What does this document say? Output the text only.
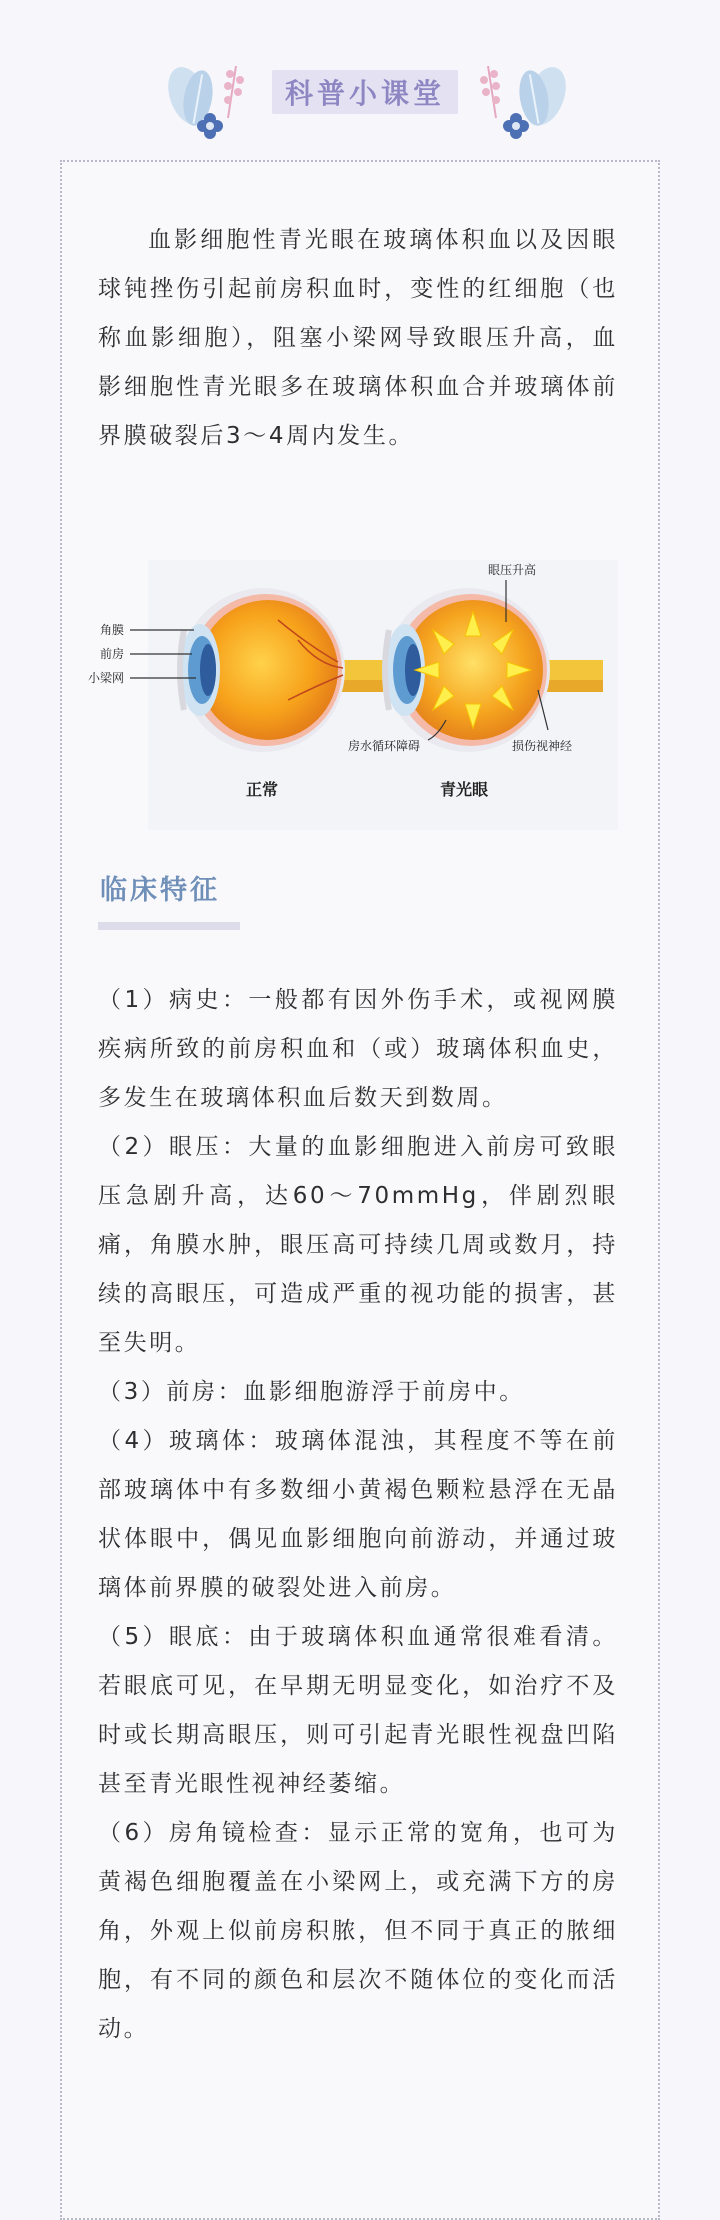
科普小课堂

血影细胞性青光眼在玻璃体积血以及因眼球钝挫伤引起前房积血时，变性的红细胞（也称血影细胞），阻塞小梁网导致眼压升高，血影细胞性青光眼多在玻璃体积血合并玻璃体前界膜破裂后3～4周内发生。

角膜
前房
小梁网
眼压升高
房水循环障碍	损伤视神经
正常	青光眼
临床特征

（1）病史：一般都有因外伤手术，或视网膜疾病所致的前房积血和（或）玻璃体积血史，多发生在玻璃体积血后数天到数周。

（2）眼压：大量的血影细胞进入前房可致眼压急剧升高，达60～70mmHg，伴剧烈眼痛，角膜水肿，眼压高可持续几周或数月，持续的高眼压，可造成严重的视功能的损害，甚至失明。

（3）前房：血影细胞游浮于前房中。

（4）玻璃体：玻璃体混浊，其程度不等在前部玻璃体中有多数细小黄褐色颗粒悬浮在无晶状体眼中，偶见血影细胞向前游动，并通过玻璃体前界膜的破裂处进入前房。

（5）眼底：由于玻璃体积血通常很难看清。若眼底可见，在早期无明显变化，如治疗不及时或长期高眼压，则可引起青光眼性视盘凹陷甚至青光眼性视神经萎缩。

（6）房角镜检查：显示正常的宽角，也可为黄褐色细胞覆盖在小梁网上，或充满下方的房角，外观上似前房积脓，但不同于真正的脓细胞，有不同的颜色和层次不随体位的变化而活动。
